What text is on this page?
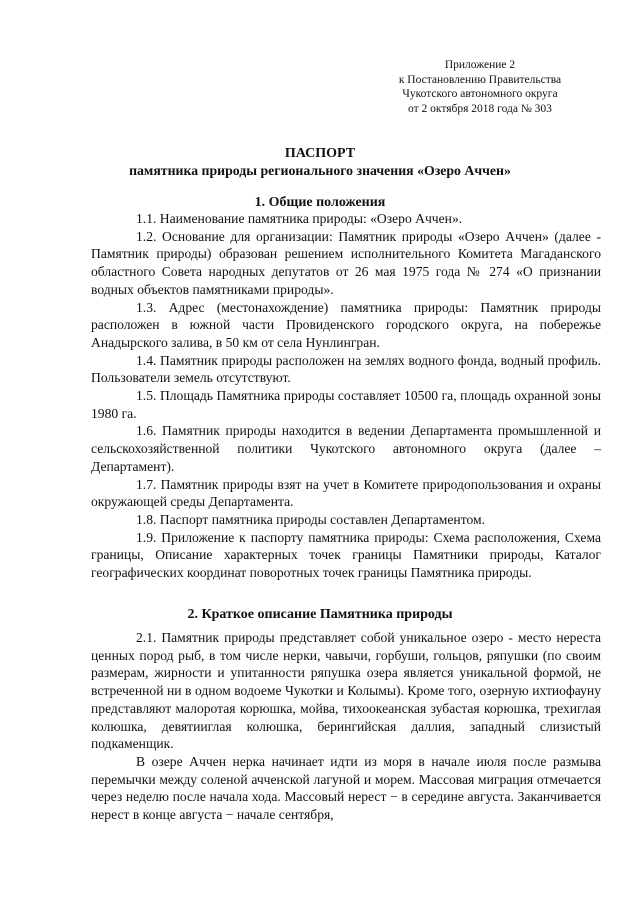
Приложение 2
к Постановлению Правительства
Чукотского автономного округа
от 2 октября 2018 года № 303
ПАСПОРТ
памятника природы регионального значения «Озеро Аччен»
1. Общие положения

1.1. Наименование памятника природы: «Озеро Аччен».

1.2. Основание для организации: Памятник природы «Озеро Аччен» (далее - Памятник природы) образован решением исполнительного Комитета Магаданского областного Совета народных депутатов от 26 мая 1975 года № 274 «О признании водных объектов памятниками природы».

1.3. Адрес (местонахождение) памятника природы: Памятник природы расположен в южной части Провиденского городского округа, на побережье Анадырского залива, в 50 км от села Нунлингран.

1.4. Памятник природы расположен на землях водного фонда, водный профиль. Пользователи земель отсутствуют.

1.5. Площадь Памятника природы составляет 10500 га, площадь охранной зоны 1980 га.

1.6. Памятник природы находится в ведении Департамента промышленной и сельскохозяйственной политики Чукотского автономного округа (далее – Департамент).

1.7. Памятник природы взят на учет в Комитете природопользования и охраны окружающей среды Департамента.

1.8. Паспорт памятника природы составлен Департаментом.

1.9. Приложение к паспорту памятника природы: Схема расположения, Схема границы, Описание характерных точек границы Памятники природы, Каталог географических координат поворотных точек границы Памятника природы.

2. Краткое описание Памятника природы

2.1. Памятник природы представляет собой уникальное озеро - место нереста ценных пород рыб, в том числе нерки, чавычи, горбуши, гольцов, ряпушки (по своим размерам, жирности и упитанности ряпушка озера является уникальной формой, не встреченной ни в одном водоеме Чукотки и Колымы). Кроме того, озерную ихтиофауну представляют малоротая корюшка, мойва, тихоокеанская зубастая корюшка, трехиглая колюшка, девятииглая колюшка, берингийская даллия, западный слизистый подкаменщик.

В озере Аччен нерка начинает идти из моря в начале июля после размыва перемычки между соленой ачченской лагуной и морем. Массовая миграция отмечается через неделю после начала хода. Массовый нерест − в середине августа. Заканчивается нерест в конце августа − начале сентября,
